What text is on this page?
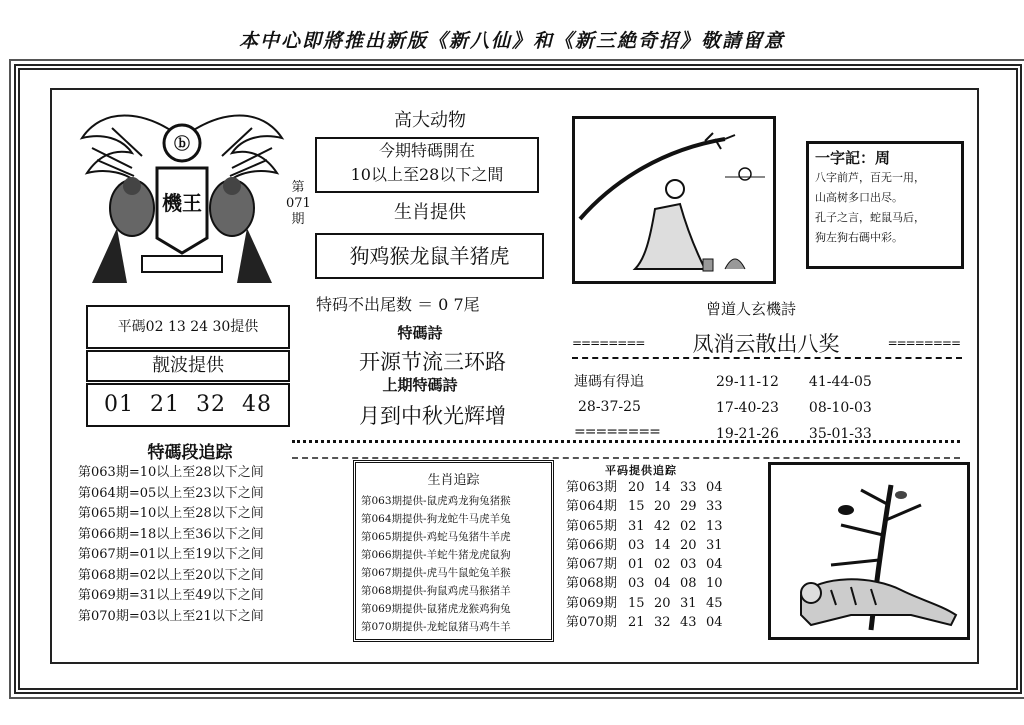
本中心即將推出新版《新八仙》和《新三絶奇招》敬請留意
ⓑ
機王
第
071
期
高大动物
今期特碼開在
10以上至28以下之間
生肖提供
狗鸡猴龙鼠羊猪虎
特码不出尾数 ＝ 0 7尾
特碼詩
开源节流三环路
上期特碼詩
月到中秋光辉增
平碼02 13 24 30提供
靓波提供
01 21 32 48
一字記：周
八字前芦，百无一用，
山高树多口出尽。
孔子之言，蛇鼠马后，
狗左狗右碼中彩。
曾道人玄機詩
======== 凤消云散出八奖	========
連碼有得追
28-37-25
========
29-11-12 41-44-05
17-40-23 08-10-03
19-21-26 35-01-33
特碼段追踪
第063期=10以上至28以下之间
第064期=05以上至23以下之间
第065期=10以上至28以下之间
第066期=18以上至36以下之间
第067期=01以上至19以下之间
第068期=02以上至20以下之间
第069期=31以上至49以下之间
第070期=03以上至21以下之间
生肖追踪
第063期提供-鼠虎鸡龙狗兔猪猴
第064期提供-狗龙蛇牛马虎羊兔
第065期提供-鸡蛇马兔猪牛羊虎
第066期提供-羊蛇牛猪龙虎鼠狗
第067期提供-虎马牛鼠蛇兔羊猴
第068期提供-狗鼠鸡虎马猴猪羊
第069期提供-鼠猪虎龙猴鸡狗兔
第070期提供-龙蛇鼠猪马鸡牛羊
平码提供追踪
第063期 20 14 33 04
第064期 15 20 29 33
第065期 31 42 02 13
第066期 03 14 20 31
第067期 01 02 03 04
第068期 03 04 08 10
第069期 15 20 31 45
第070期 21 32 43 04
